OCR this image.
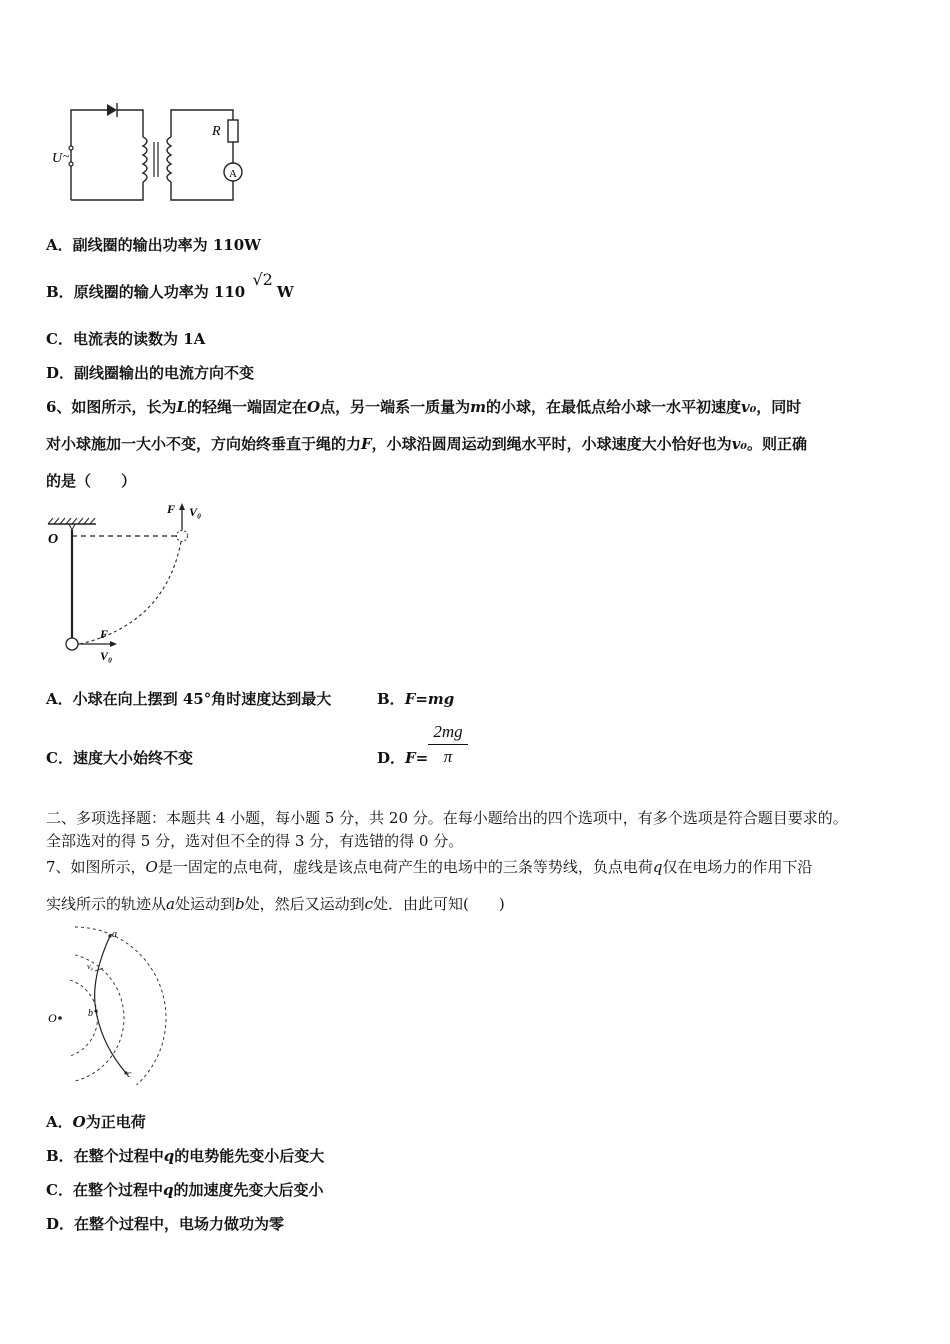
U ~
R
A
A．副线圈的输出功率为 110W
B．原线圈的输人功率为 110 √2W
C．电流表的读数为 1A
D．副线圈输出的电流方向不变
6、如图所示，长为L的轻绳一端固定在O点，另一端系一质量为m的小球，在最低点给小球一水平初速度v₀，同时
对小球施加一大小不变，方向始终垂直于绳的力F，小球沿圆周运动到绳水平时，小球速度大小恰好也为v₀。则正确
的是（　　）
O
F V₀
F
V₀
A．小球在向上摆到 45°角时速度达到最大	B．F=mg
C．速度大小始终不变	D．F=
2mg
π
二、多项选择题：本题共 4 小题，每小题 5 分，共 20 分。在每小题给出的四个选项中，有多个选项是符合题目要求的。
全部选对的得 5 分，选对但不全的得 3 分，有选错的得 0 分。
7、如图所示，O是一固定的点电荷，虚线是该点电荷产生的电场中的三条等势线，负点电荷q仅在电场力的作用下沿
实线所示的轨迹从a处运动到b处，然后又运动到c处．由此可知(　　)
O
a
b
c
v₀
A．O为正电荷
B．在整个过程中q的电势能先变小后变大
C．在整个过程中q的加速度先变大后变小
D．在整个过程中，电场力做功为零
